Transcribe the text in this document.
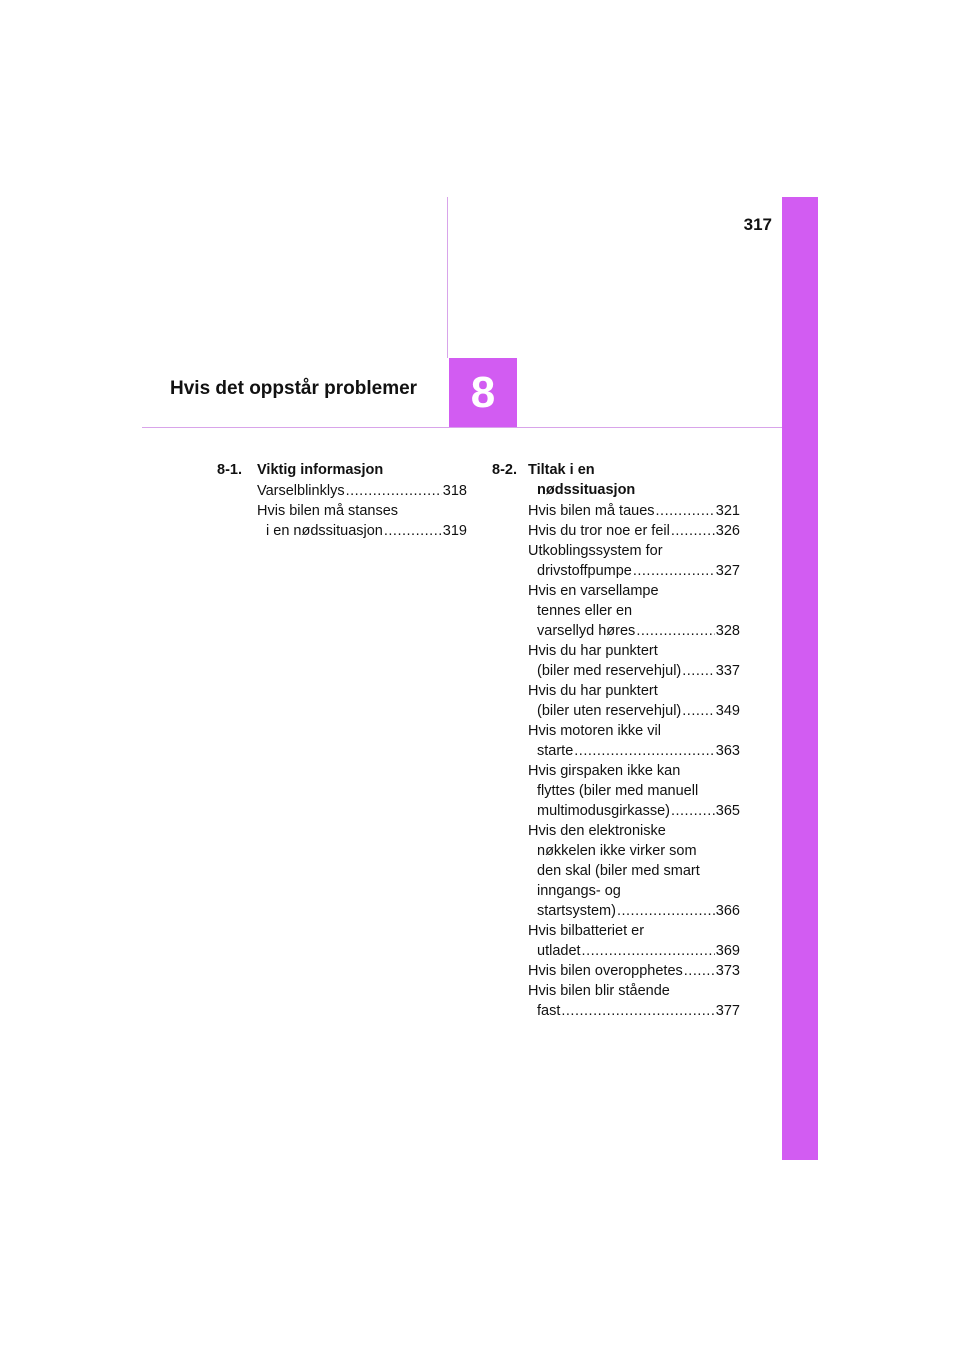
317
Hvis det oppstår problemer 8
8-1. Viktig informasjon
Varselblinklys .....	318
Hvis bilen må stanses
i en nødssituasjon .....	319
8-2. Tiltak i en
nødssituasjon
Hvis bilen må taues .....	321
Hvis du tror noe er feil .....	326
Utkoblingssystem for
drivstoffpumpe .....	327
Hvis en varsellampe
tennes eller en
varsellyd høres .....	328
Hvis du har punktert
(biler med reservehjul) ..... 337
Hvis du har punktert
(biler uten reservehjul) ..... 349
Hvis motoren ikke vil
starte .....	363
Hvis girspaken ikke kan
flyttes (biler med manuell
multimodusgirkasse) .....	365
Hvis den elektroniske
nøkkelen ikke virker som
den skal (biler med smart
inngangs- og
startsystem) .....	366
Hvis bilbatteriet er
utladet .....	369
Hvis bilen overopphetes ..... 373
Hvis bilen blir stående
fast .....	377
